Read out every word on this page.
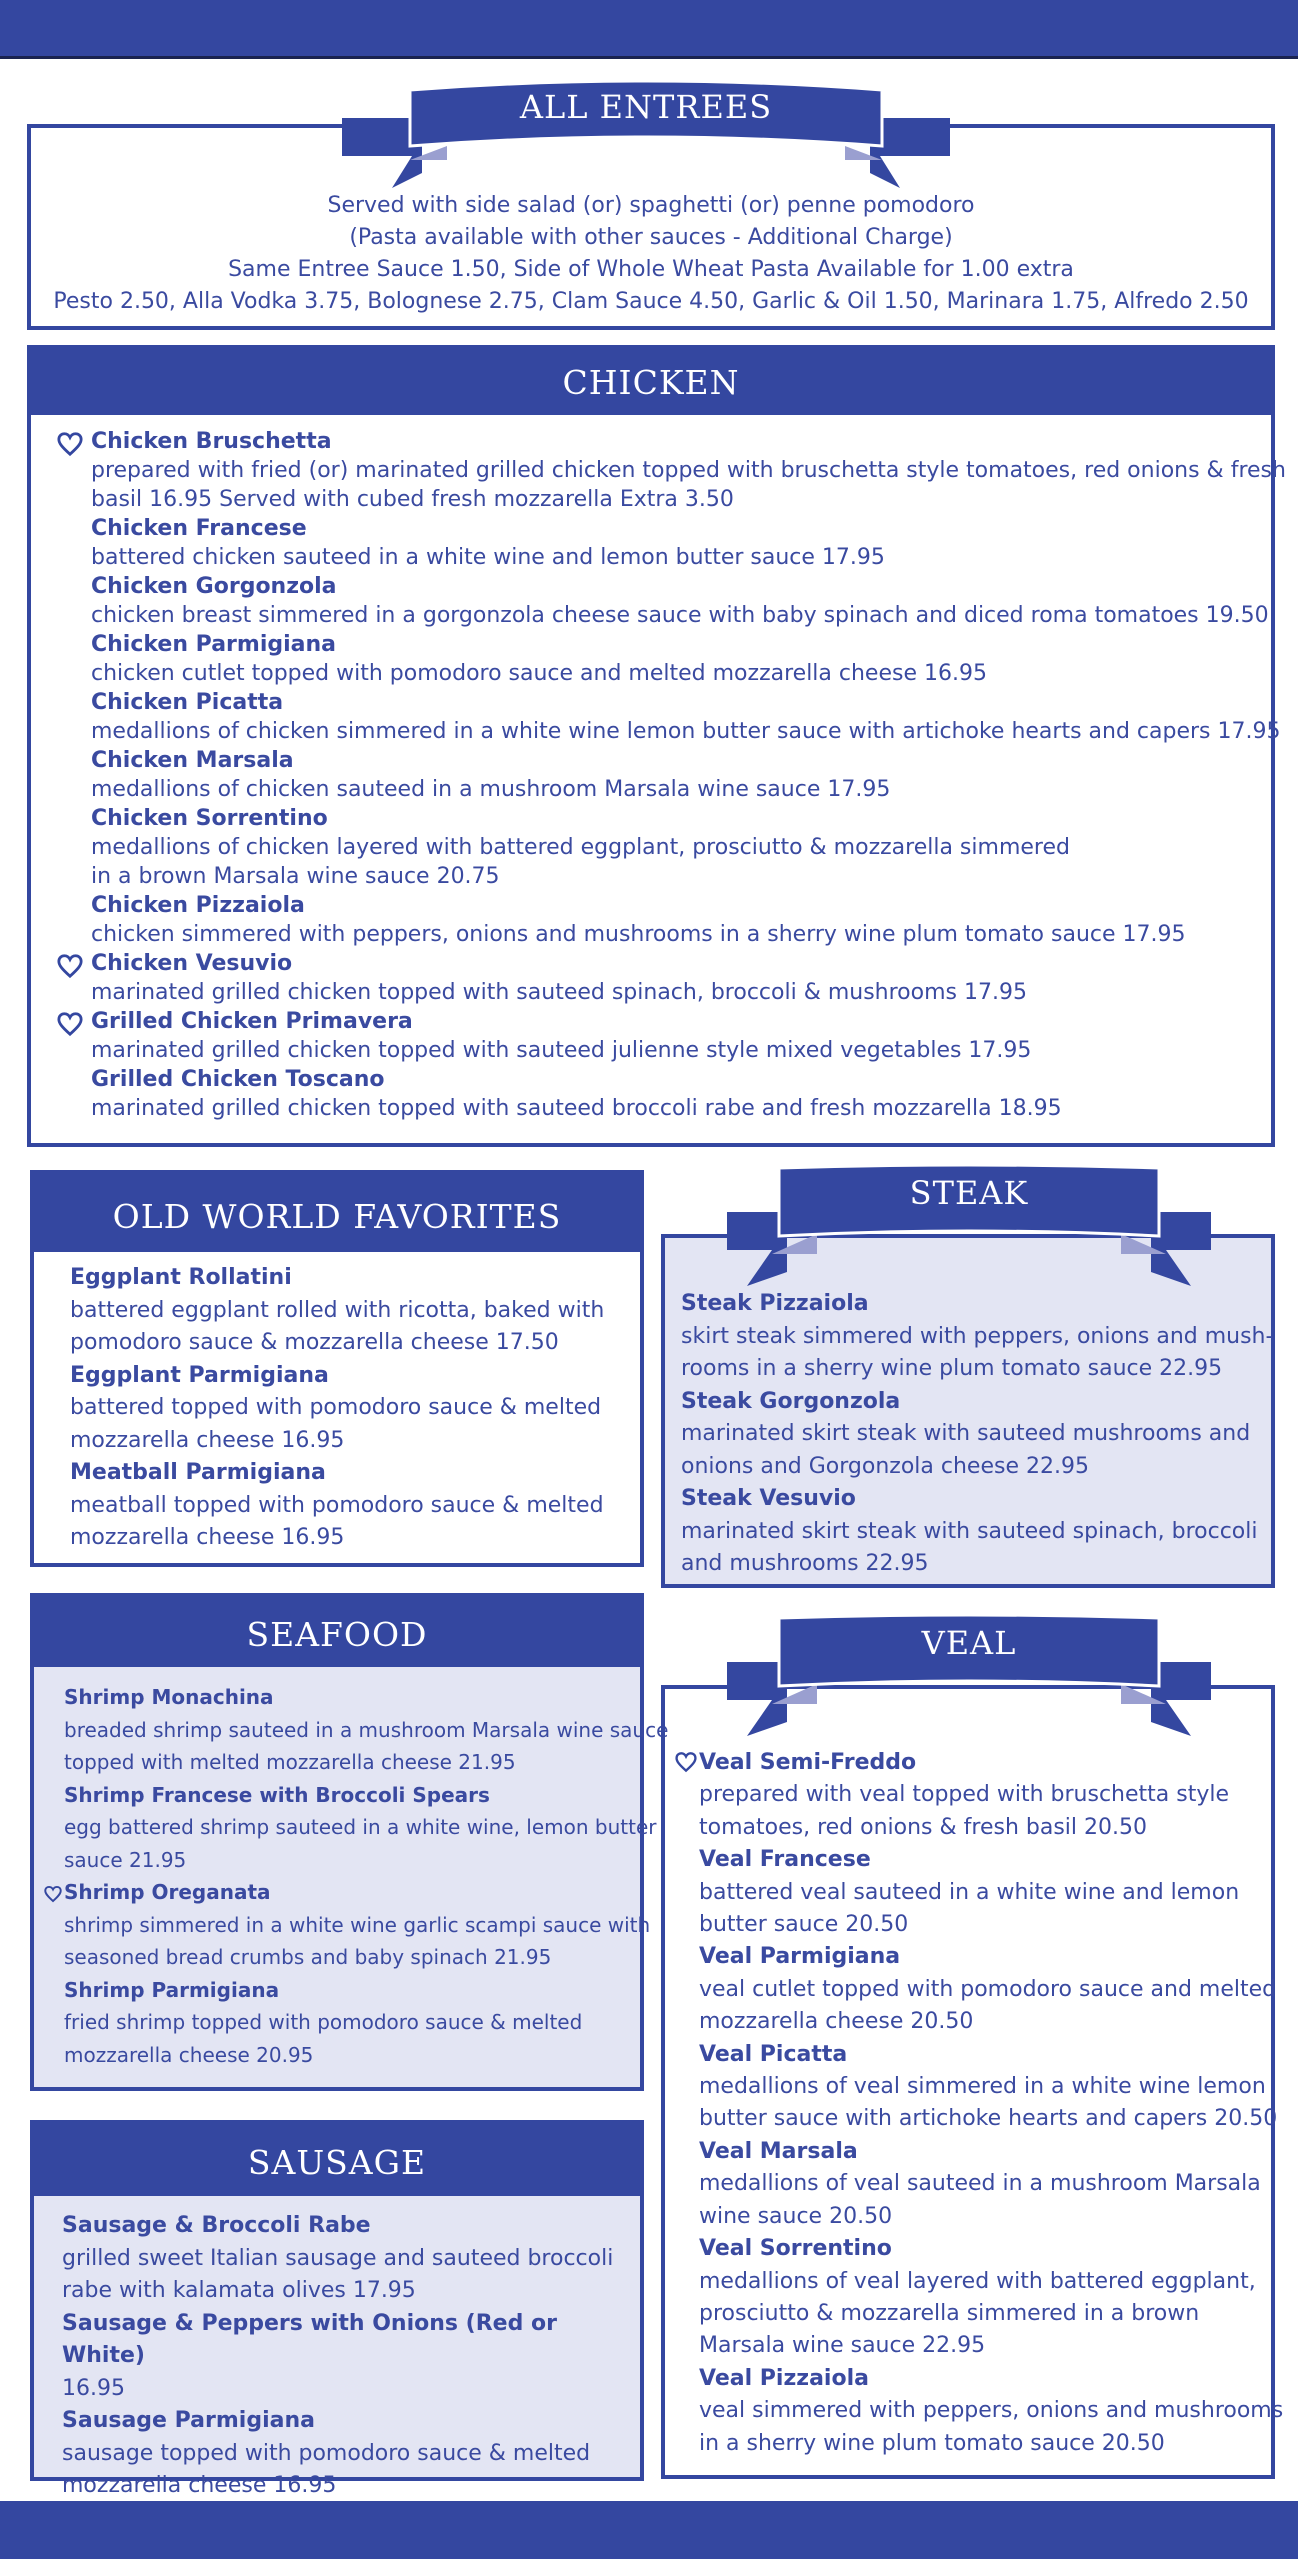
Served with side salad (or) spaghetti (or) penne pomodoro
(Pasta available with other sauces - Additional Charge)
Same Entree Sauce 1.50, Side of Whole Wheat Pasta Available for 1.00 extra
Pesto 2.50, Alla Vodka 3.75, Bolognese 2.75, Clam Sauce 4.50, Garlic & Oil 1.50, Marinara 1.75, Alfredo 2.50
ALL ENTREES
CHICKEN
Chicken Bruschetta
prepared with fried (or) marinated grilled chicken topped with bruschetta style tomatoes, red onions & fresh
basil 16.95 Served with cubed fresh mozzarella Extra 3.50
Chicken Francese
battered chicken sauteed in a white wine and lemon butter sauce 17.95
Chicken Gorgonzola
chicken breast simmered in a gorgonzola cheese sauce with baby spinach and diced roma tomatoes 19.50
Chicken Parmigiana
chicken cutlet topped with pomodoro sauce and melted mozzarella cheese 16.95
Chicken Picatta
medallions of chicken simmered in a white wine lemon butter sauce with artichoke hearts and capers 17.95
Chicken Marsala
medallions of chicken sauteed in a mushroom Marsala wine sauce 17.95
Chicken Sorrentino
medallions of chicken layered with battered eggplant, prosciutto & mozzarella simmered
in a brown Marsala wine sauce 20.75
Chicken Pizzaiola
chicken simmered with peppers, onions and mushrooms in a sherry wine plum tomato sauce 17.95
Chicken Vesuvio
marinated grilled chicken topped with sauteed spinach, broccoli & mushrooms 17.95
Grilled Chicken Primavera
marinated grilled chicken topped with sauteed julienne style mixed vegetables 17.95
Grilled Chicken Toscano
marinated grilled chicken topped with sauteed broccoli rabe and fresh mozzarella 18.95
OLD WORLD FAVORITES
Eggplant Rollatini
battered eggplant rolled with ricotta, baked with
pomodoro sauce & mozzarella cheese 17.50
Eggplant Parmigiana
battered topped with pomodoro sauce & melted
mozzarella cheese 16.95
Meatball Parmigiana
meatball topped with pomodoro sauce & melted
mozzarella cheese 16.95
Steak Pizzaiola
skirt steak simmered with peppers, onions and mush-
rooms in a sherry wine plum tomato sauce 22.95
Steak Gorgonzola
marinated skirt steak with sauteed mushrooms and
onions and Gorgonzola cheese 22.95
Steak Vesuvio
marinated skirt steak with sauteed spinach, broccoli
and mushrooms 22.95
STEAK
SEAFOOD
Shrimp Monachina
breaded shrimp sauteed in a mushroom Marsala wine sauce
topped with melted mozzarella cheese 21.95
Shrimp Francese with Broccoli Spears
egg battered shrimp sauteed in a white wine, lemon butter
sauce 21.95
Shrimp Oreganata
shrimp simmered in a white wine garlic scampi sauce with
seasoned bread crumbs and baby spinach 21.95
Shrimp Parmigiana
fried shrimp topped with pomodoro sauce & melted
mozzarella cheese 20.95
Veal Semi-Freddo
prepared with veal topped with bruschetta style
tomatoes, red onions & fresh basil 20.50
Veal Francese
battered veal sauteed in a white wine and lemon
butter sauce 20.50
Veal Parmigiana
veal cutlet topped with pomodoro sauce and melted
mozzarella cheese 20.50
Veal Picatta
medallions of veal simmered in a white wine lemon
butter sauce with artichoke hearts and capers 20.50
Veal Marsala
medallions of veal sauteed in a mushroom Marsala
wine sauce 20.50
Veal Sorrentino
medallions of veal layered with battered eggplant,
prosciutto & mozzarella simmered in a brown
Marsala wine sauce 22.95
Veal Pizzaiola
veal simmered with peppers, onions and mushrooms
in a sherry wine plum tomato sauce 20.50
VEAL
SAUSAGE
Sausage & Broccoli Rabe
grilled sweet Italian sausage and sauteed broccoli
rabe with kalamata olives 17.95
Sausage & Peppers with Onions (Red or White)
16.95
Sausage Parmigiana
sausage topped with pomodoro sauce & melted
mozzarella cheese 16.95
